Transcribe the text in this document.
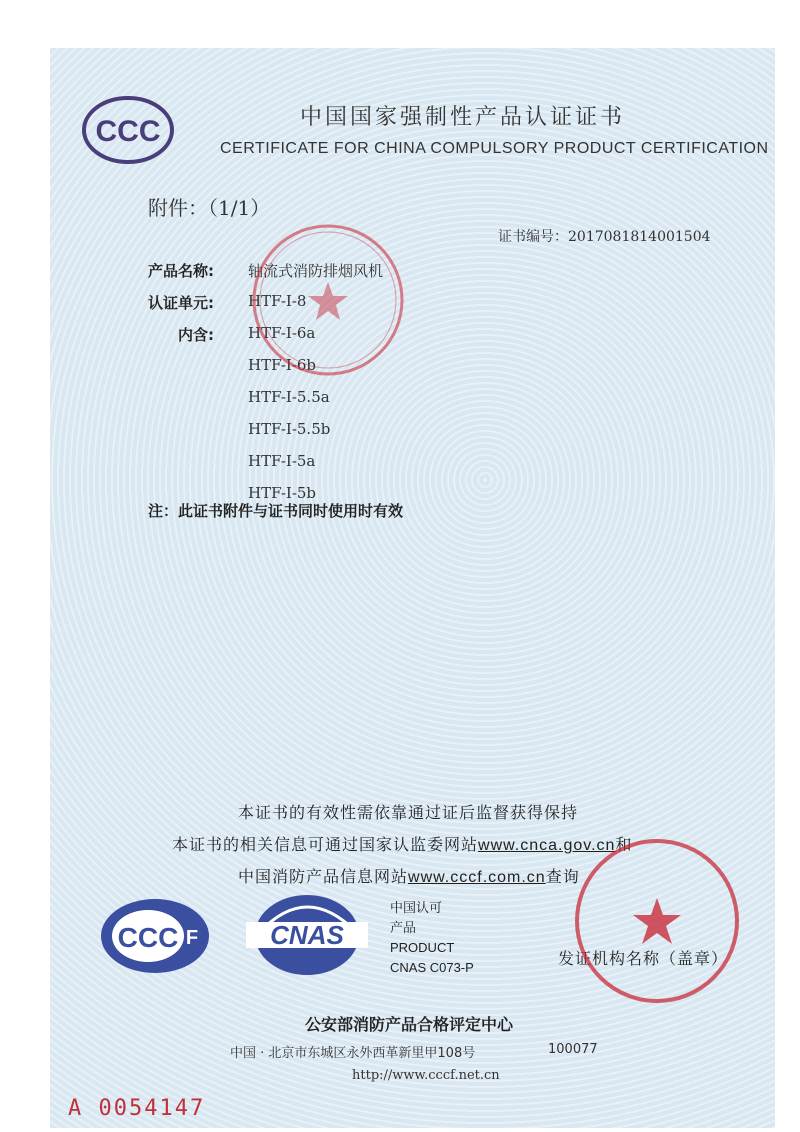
CCC	中国国家强制性产品认证证书
CERTIFICATE FOR CHINA COMPULSORY PRODUCT CERTIFICATION
附件：（1/1）
证书编号：2017081814001504
产品名称: 轴流式消防排烟风机
认证单元: HTF-I-8
内含: HTF-I-6a
HTF-I-6b
HTF-I-5.5a
HTF-I-5.5b
HTF-I-5a
HTF-I-5b
注：此证书附件与证书同时使用时有效
本证书的有效性需依靠通过证后监督获得保持
本证书的相关信息可通过国家认监委网站www.cnca.gov.cn和
中国消防产品信息网站www.cccf.com.cn查询
CCC F	CNAS
中国认可
产品
PRODUCT
CNAS C073-P	发证机构名称（盖章）
公安部消防产品合格评定中心
中国 · 北京市东城区永外西革新里甲108号	100077
http://www.cccf.net.cn
A 0054147
